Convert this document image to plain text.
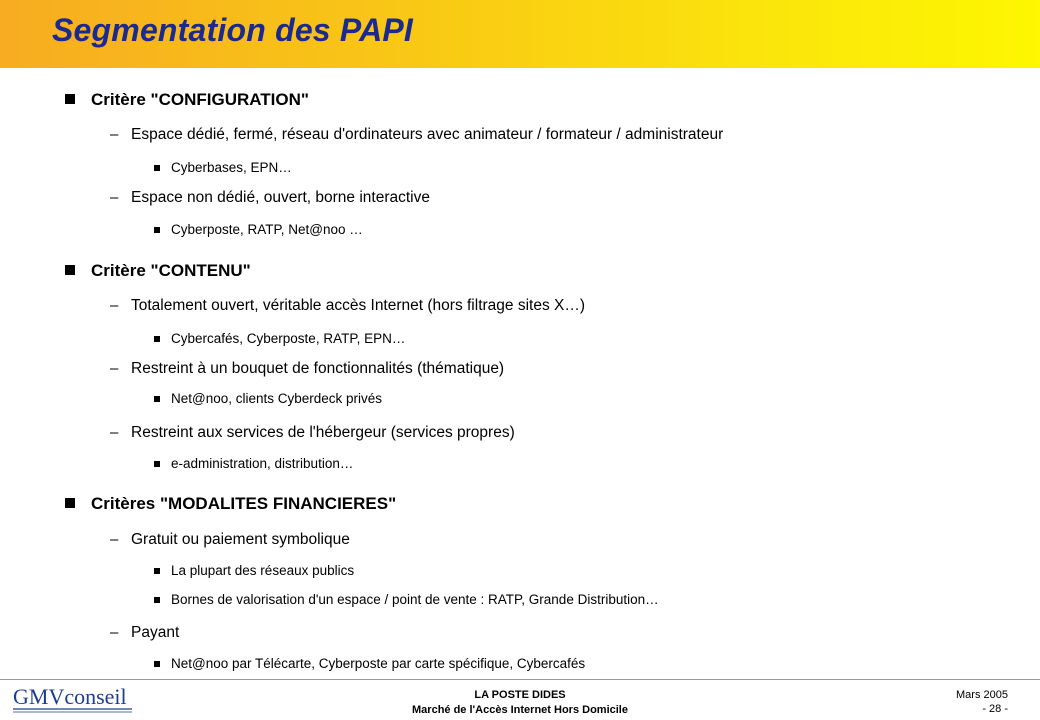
Segmentation des PAPI
Critère "CONFIGURATION"
– Espace dédié, fermé, réseau d'ordinateurs avec animateur / formateur / administrateur
Cyberbases, EPN…
– Espace non dédié, ouvert, borne interactive
Cyberposte, RATP, Net@noo …
Critère "CONTENU"
– Totalement ouvert, véritable accès Internet (hors filtrage sites X…)
Cybercafés, Cyberposte, RATP, EPN…
– Restreint à un bouquet de fonctionnalités (thématique)
Net@noo, clients Cyberdeck privés
– Restreint aux services de l'hébergeur (services propres)
e-administration, distribution…
Critères "MODALITES FINANCIERES"
– Gratuit ou paiement symbolique
La plupart des réseaux publics
Bornes de valorisation d'un espace / point de vente : RATP, Grande Distribution…
– Payant
Net@noo par Télécarte, Cyberposte par carte spécifique, Cybercafés
GMVconseil	LA POSTE DIDES
Marché de l'Accès Internet Hors Domicile
Mars 2005
- 28 -
